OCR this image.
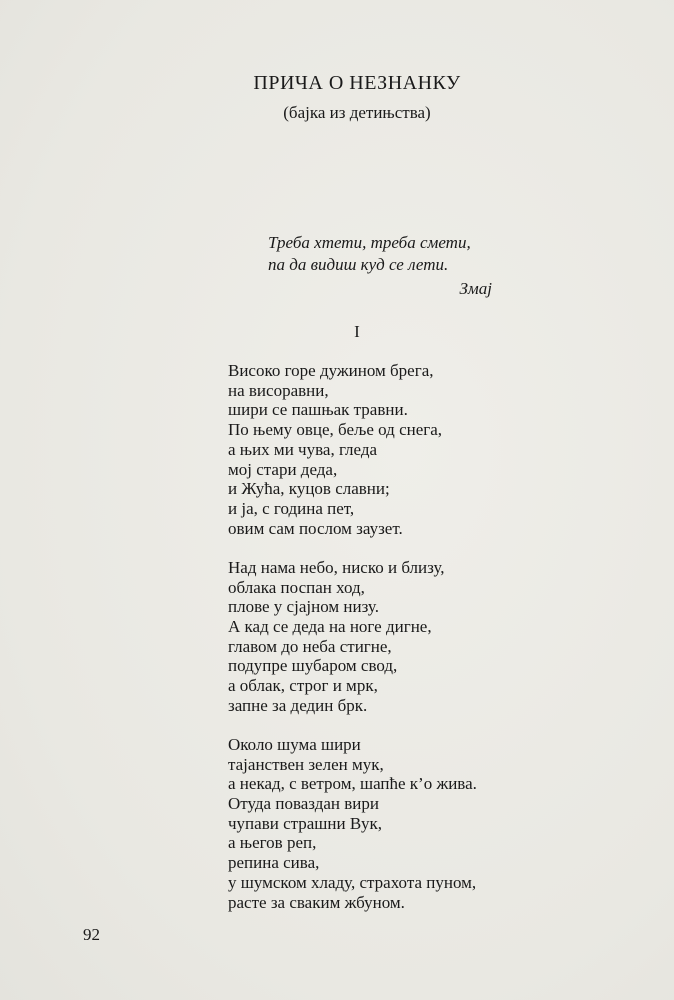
ПРИЧА О НЕЗНАНКУ
(бајка из детињства)
Треба хтети, треба смети,
па да видиш куд се лети.
Змај
I
Високо горе дужином брега,
на висоравни,
шири се пашњак травни.
По њему овце, беље од снега,
а њих ми чува, гледа
мој стари деда,
и Жућа, куцов славни;
и ја, с година пет,
овим сам послом заузет.
Над нама небо, ниско и близу,
облака поспан ход,
плове у сјајном низу.
А кад се деда на ноге дигне,
главом до неба стигне,
подупре шубаром свод,
а облак, строг и мрк,
запне за дедин брк.
Около шума шири
тајанствен зелен мук,
а некад, с ветром, шапће к’о жива.
Отуда поваздан вири
чупави страшни Вук,
а његов реп,
репина сива,
у шумском хладу, страхота пуном,
расте за сваким жбуном.
92
